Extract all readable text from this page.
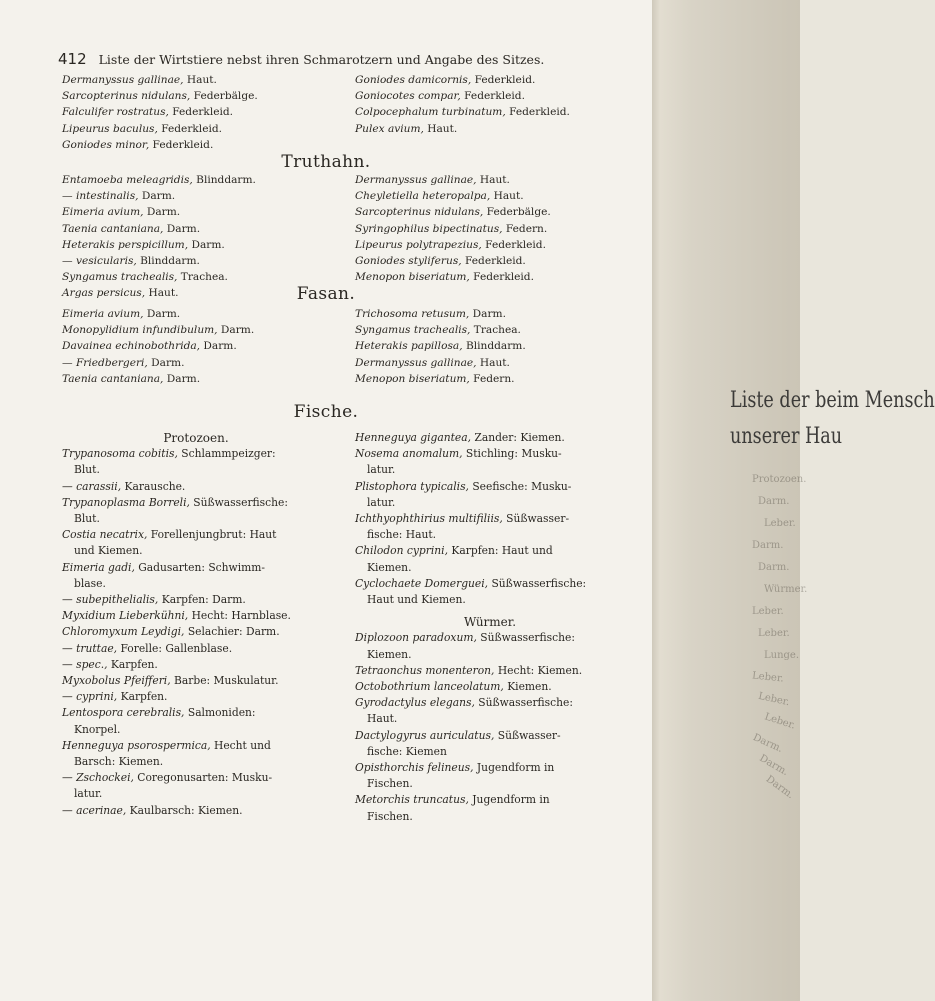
412 Liste der Wirtstiere nebst ihren Schmarotzern und Angabe des Sitzes.

Dermanyssus gallinae, Haut.

Sarcopterinus nidulans, Federbälge.

Falculifer rostratus, Federkleid.

Lipeurus baculus, Federkleid.

Goniodes minor, Federkleid.

Goniodes damicornis, Federkleid.

Goniocotes compar, Federkleid.

Colpocephalum turbinatum, Federkleid.

Pulex avium, Haut.

Truthahn.

Entamoeba meleagridis, Blinddarm.

— intestinalis, Darm.

Eimeria avium, Darm.

Taenia cantaniana, Darm.

Heterakis perspicillum, Darm.

— vesicularis, Blinddarm.

Syngamus trachealis, Trachea.

Argas persicus, Haut.

Dermanyssus gallinae, Haut.

Cheyletiella heteropalpa, Haut.

Sarcopterinus nidulans, Federbälge.

Syringophilus bipectinatus, Federn.

Lipeurus polytrapezius, Federkleid.

Goniodes styliferus, Federkleid.

Menopon biseriatum, Federkleid.

Fasan.

Eimeria avium, Darm.

Monopylidium infundibulum, Darm.

Davainea echinobothrida, Darm.

— Friedbergeri, Darm.

Taenia cantaniana, Darm.

Trichosoma retusum, Darm.

Syngamus trachealis, Trachea.

Heterakis papillosa, Blinddarm.

Dermanyssus gallinae, Haut.

Menopon biseriatum, Federn.

Fische.

Protozoen.

Trypanosoma cobitis, Schlammpeizger:

Blut.

— carassii, Karausche.

Trypanoplasma Borreli, Süßwasserfische:

Blut.

Costia necatrix, Forellenjungbrut: Haut

und Kiemen.

Eimeria gadi, Gadusarten: Schwimm-

blase.

— subepithelialis, Karpfen: Darm.

Myxidium Lieberkühni, Hecht: Harnblase.

Chloromyxum Leydigi, Selachier: Darm.

— truttae, Forelle: Gallenblase.

— spec., Karpfen.

Myxobolus Pfeifferi, Barbe: Muskulatur.

— cyprini, Karpfen.

Lentospora cerebralis, Salmoniden:

Knorpel.

Henneguya psorospermica, Hecht und

Barsch: Kiemen.

— Zschockei, Coregonusarten: Musku-

latur.

— acerinae, Kaulbarsch: Kiemen.

Henneguya gigantea, Zander: Kiemen.

Nosema anomalum, Stichling: Musku-

latur.

Plistophora typicalis, Seefische: Musku-

latur.

Ichthyophthirius multifiliis, Süßwasser-

fische: Haut.

Chilodon cyprini, Karpfen: Haut und

Kiemen.

Cyclochaete Domerguei, Süßwasserfische:

Haut und Kiemen.

Würmer.

Diplozoon paradoxum, Süßwasserfische:

Kiemen.

Tetraonchus monenteron, Hecht: Kiemen.

Octobothrium lanceolatum, Kiemen.

Gyrodactylus elegans, Süßwasserfische:

Haut.

Dactylogyrus auriculatus, Süßwasser-

fische: Kiemen

Opisthorchis felineus, Jugendform in

Fischen.

Metorchis truncatus, Jugendform in

Fischen.

Liste der beim Mensch
unserer Hau
Protozoen.
Darm.
Leber.
Darm.
Darm.
Würmer.
Leber.
Leber.
Lunge.
Leber.
Leber.
Leber.
Darm.
Darm.
Darm.
